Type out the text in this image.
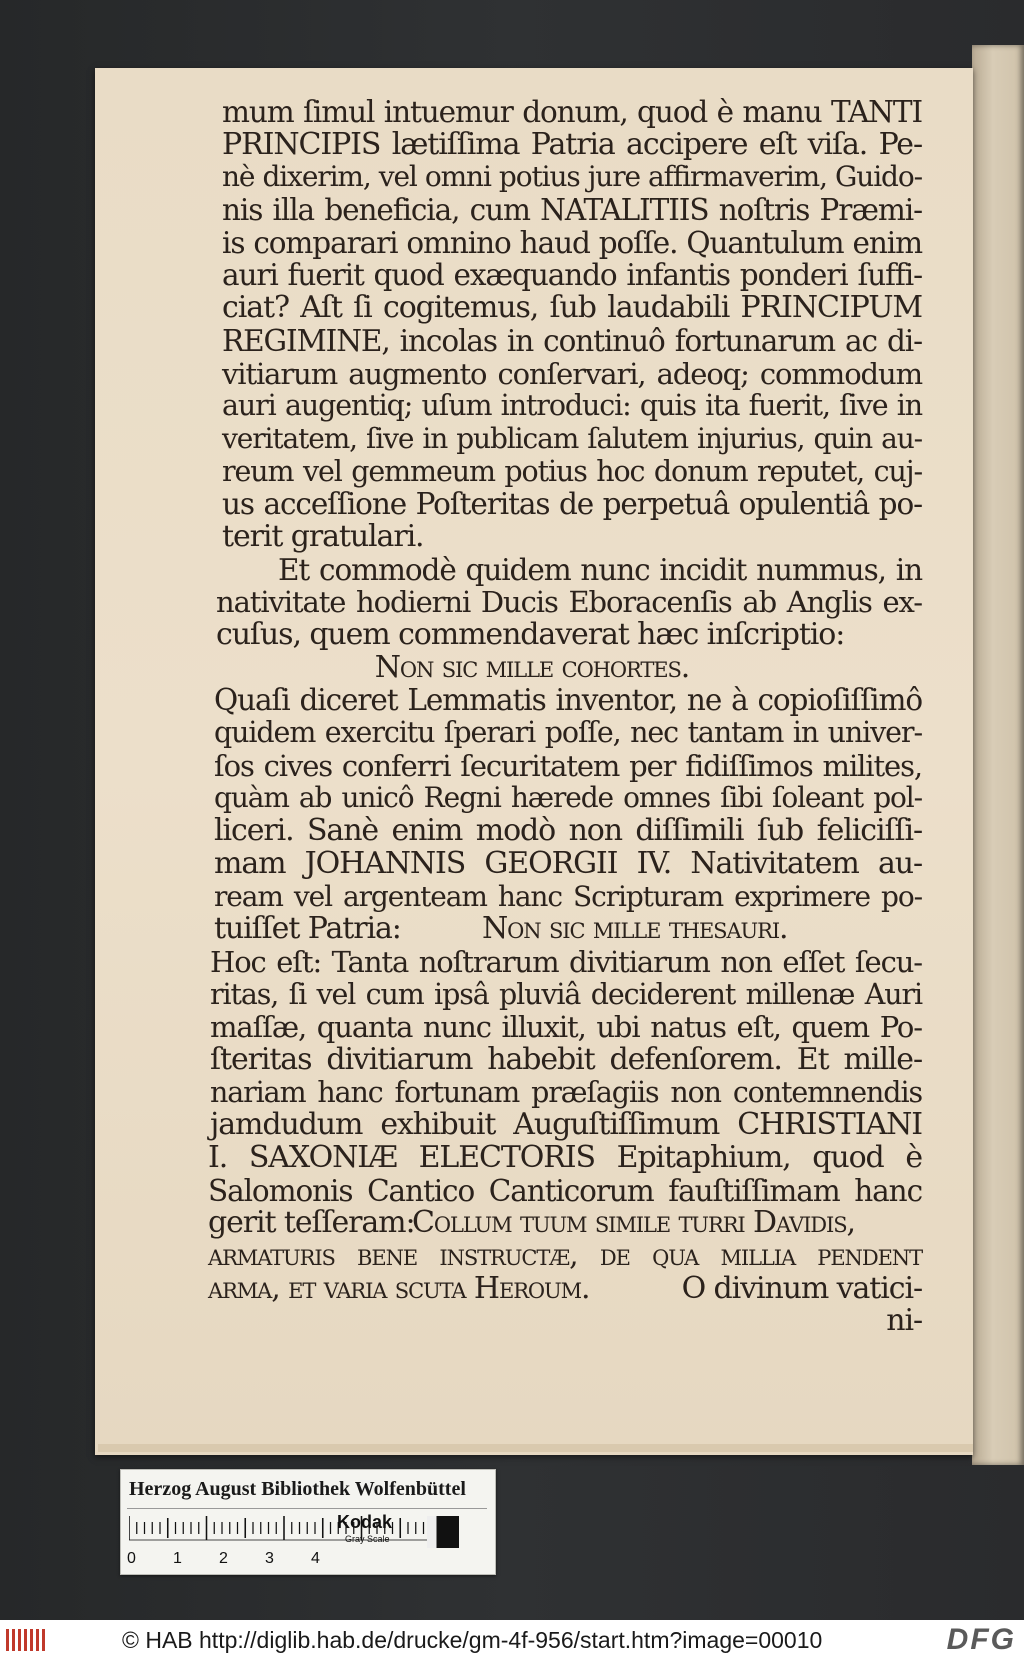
mum ſimul intuemur donum, quod è manu TANTI
PRINCIPIS lætiſſima Patria accipere eſt viſa. Pe-
nè dixerim, vel omni potius jure affirmaverim, Guido-
nis illa beneficia, cum NATALITIIS noſtris Præmi-
is comparari omnino haud poſſe. Quantulum enim
auri fuerit quod exæquando infantis ponderi ſuffi-
ciat? Aſt ſi cogitemus, ſub laudabili PRINCIPUM
REGIMINE, incolas in continuô fortunarum ac di-
vitiarum augmento conſervari, adeoq; commodum
auri augentiq; uſum introduci: quis ita fuerit, ſive in
veritatem, ſive in publicam ſalutem injurius, quin au-
reum vel gemmeum potius hoc donum reputet, cuj-
us acceſſione Poſteritas de perpetuâ opulentiâ po-
terit gratulari.
Et commodè quidem nunc incidit nummus, in
nativitate hodierni Ducis Eboracenſis ab Anglis ex-
cuſus, quem commendaverat hæc inſcriptio:
Non sic mille cohortes.
Quaſi diceret Lemmatis inventor, ne à copioſiſſimô
quidem exercitu ſperari poſſe, nec tantam in univer-
ſos cives conferri ſecuritatem per fidiſſimos milites,
quàm ab unicô Regni hærede omnes ſibi ſoleant pol-
liceri. Sanè enim modò non diſſimili ſub feliciſſi-
mam JOHANNIS GEORGII IV. Nativitatem au-
ream vel argenteam hanc Scripturam exprimere po-
tuiſſet Patria:	Non sic mille thesauri.
Hoc eſt: Tanta noſtrarum divitiarum non eſſet ſecu-
ritas, ſi vel cum ipsâ pluviâ deciderent millenæ Auri
maſſæ, quanta nunc illuxit, ubi natus eſt, quem Po-
ſteritas divitiarum habebit defenſorem. Et mille-
nariam hanc fortunam præſagiis non contemnendis
jamdudum exhibuit Auguſtiſſimum CHRISTIANI
I. SAXONIÆ ELECTORIS Epitaphium, quod è
Salomonis Cantico Canticorum fauſtiſſimam hanc
gerit teſſeram:
Collum tuum simile turri Davidis,
armaturis bene instructæ, de qua millia pendent
arma, et varia scuta Heroum.	O divinum vatici-
ni-
Herzog August Bibliothek Wolfenbüttel
Kodak
Gray Scale
0 1 2 3 4
© HAB http://diglib.hab.de/drucke/gm-4f-956/start.htm?image=00010	DFG
